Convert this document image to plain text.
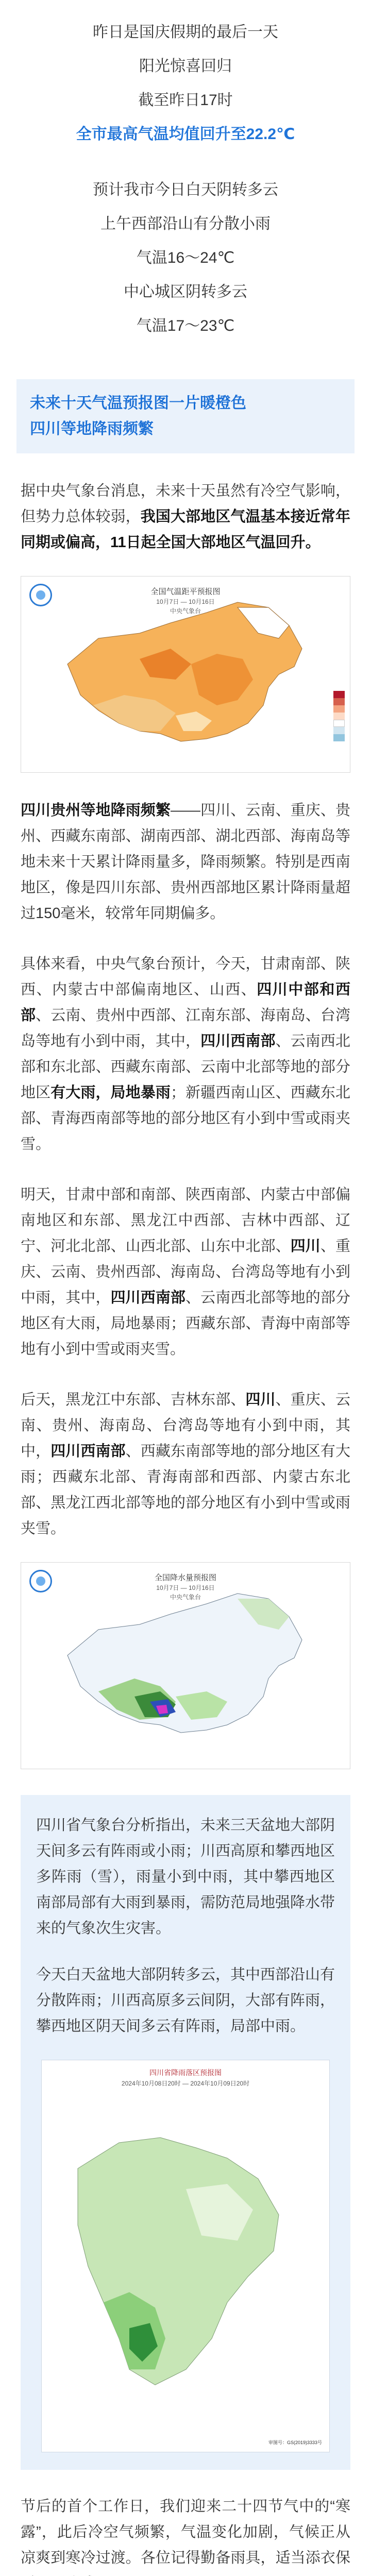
昨日是国庆假期的最后一天

阳光惊喜回归

截至昨日17时

全市最高气温均值回升至22.2℃

预计我市今日白天阴转多云

上午西部沿山有分散小雨

气温16～24℃

中心城区阴转多云

气温17～23℃

未来十天气温预报图一片暖橙色
四川等地降雨频繁

据中央气象台消息，未来十天虽然有冷空气影响，但势力总体较弱，我国大部地区气温基本接近常年同期或偏高，11日起全国大部地区气温回升。

全国气温距平预报图
10月7日 — 10月16日
中央气象台

四川贵州等地降雨频繁——四川、云南、重庆、贵州、西藏东南部、湖南西部、湖北西部、海南岛等地未来十天累计降雨量多，降雨频繁。特别是西南地区，像是四川东部、贵州西部地区累计降雨量超过150毫米，较常年同期偏多。

具体来看，中央气象台预计，今天，甘肃南部、陕西、内蒙古中部偏南地区、山西、四川中部和西部、云南、贵州中西部、江南东部、海南岛、台湾岛等地有小到中雨，其中，四川西南部、云南西北部和东北部、西藏东南部、云南中北部等地的部分地区有大雨，局地暴雨；新疆西南山区、西藏东北部、青海西南部等地的部分地区有小到中雪或雨夹雪。

明天，甘肃中部和南部、陕西南部、内蒙古中部偏南地区和东部、黑龙江中西部、吉林中西部、辽宁、河北北部、山西北部、山东中北部、四川、重庆、云南、贵州西部、海南岛、台湾岛等地有小到中雨，其中，四川西南部、云南西北部等地的部分地区有大雨，局地暴雨；西藏东部、青海中南部等地有小到中雪或雨夹雪。

后天，黑龙江中东部、吉林东部、四川、重庆、云南、贵州、海南岛、台湾岛等地有小到中雨，其中，四川西南部、西藏东南部等地的部分地区有大雨；西藏东北部、青海南部和西部、内蒙古东北部、黑龙江西北部等地的部分地区有小到中雪或雨夹雪。

全国降水量预报图
10月7日 — 10月16日
中央气象台

四川省气象台分析指出，未来三天盆地大部阴天间多云有阵雨或小雨；川西高原和攀西地区多阵雨（雪），雨量小到中雨，其中攀西地区南部局部有大雨到暴雨，需防范局地强降水带来的气象次生灾害。

今天白天盆地大部阴转多云，其中西部沿山有分散阵雨；川西高原多云间阴，大部有阵雨，攀西地区阴天间多云有阵雨，局部中雨。

四川省降雨落区预报图
2024年10月08日20时 — 2024年10月09日20时
审图号：GS(2019)3333号

节后的首个工作日，我们迎来二十四节气中的“寒露”，此后冷空气频繁，气温变化加剧，气候正从凉爽到寒冷过渡。各位记得勤备雨具，适当添衣保
